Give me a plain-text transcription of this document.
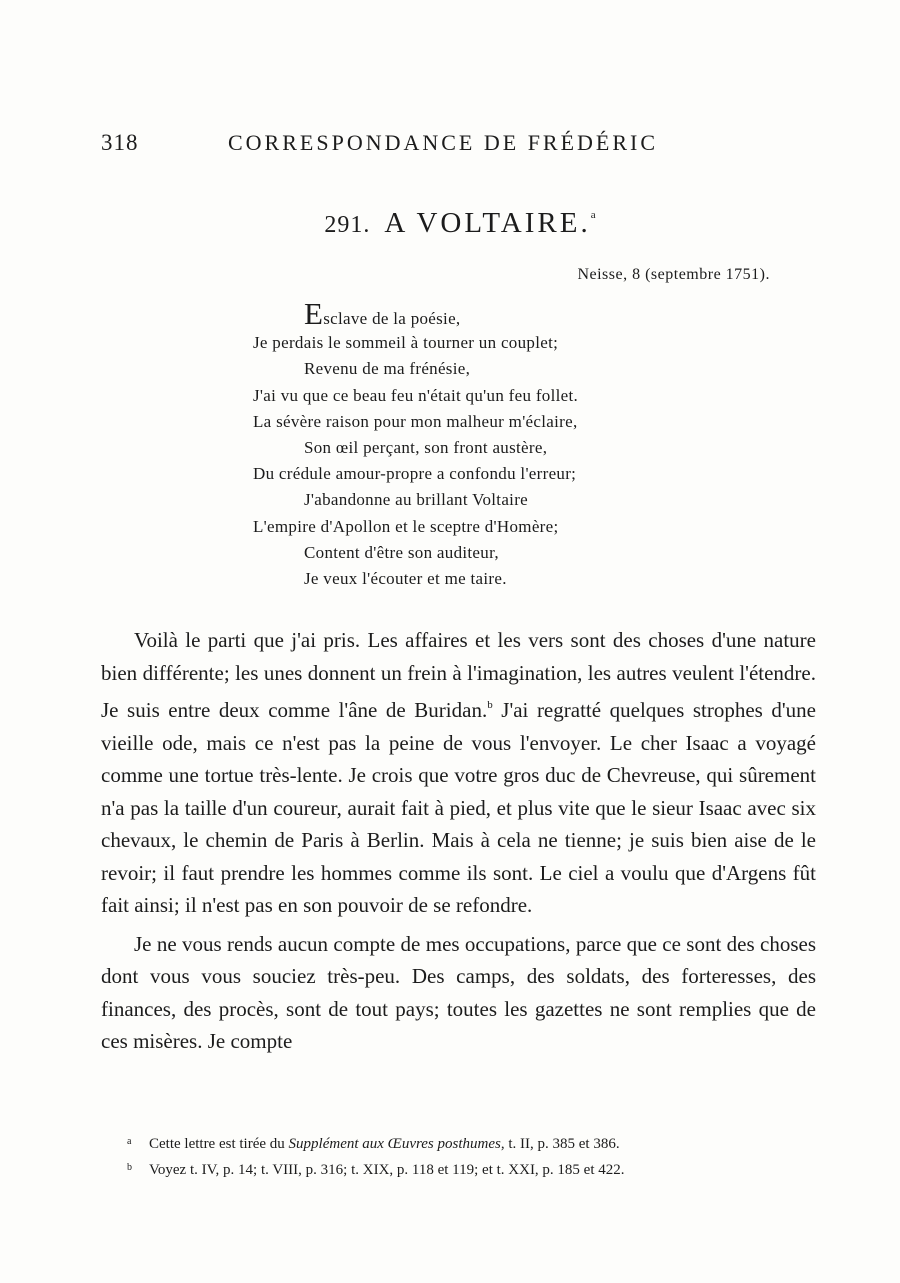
318	CORRESPONDANCE DE FRÉDÉRIC
291. A VOLTAIRE.$^a$
Neisse, 8 (septembre 1751).
Esclave de la poésie,
Je perdais le sommeil à tourner un couplet;
Revenu de ma frénésie,
J'ai vu que ce beau feu n'était qu'un feu follet.
La sévère raison pour mon malheur m'éclaire,
Son œil perçant, son front austère,
Du crédule amour-propre a confondu l'erreur;
J'abandonne au brillant Voltaire
L'empire d'Apollon et le sceptre d'Homère;
Content d'être son auditeur,
Je veux l'écouter et me taire.

Voilà le parti que j'ai pris. Les affaires et les vers sont des choses d'une nature bien différente; les unes donnent un frein à l'imagination, les autres veulent l'étendre. Je suis entre deux comme l'âne de Buridan.$^b$ J'ai regratté quelques strophes d'une vieille ode, mais ce n'est pas la peine de vous l'envoyer. Le cher Isaac a voyagé comme une tortue très-lente. Je crois que votre gros duc de Chevreuse, qui sûrement n'a pas la taille d'un coureur, aurait fait à pied, et plus vite que le sieur Isaac avec six chevaux, le chemin de Paris à Berlin. Mais à cela ne tienne; je suis bien aise de le revoir; il faut prendre les hommes comme ils sont. Le ciel a voulu que d'Argens fût fait ainsi; il n'est pas en son pouvoir de se refondre.

Je ne vous rends aucun compte de mes occupations, parce que ce sont des choses dont vous vous souciez très-peu. Des camps, des soldats, des forteresses, des finances, des procès, sont de tout pays; toutes les gazettes ne sont remplies que de ces misères. Je compte

a Cette lettre est tirée du Supplément aux Œuvres posthumes, t. II, p. 385 et 386.
b Voyez t. IV, p. 14; t. VIII, p. 316; t. XIX, p. 118 et 119; et t. XXI, p. 185 et 422.
